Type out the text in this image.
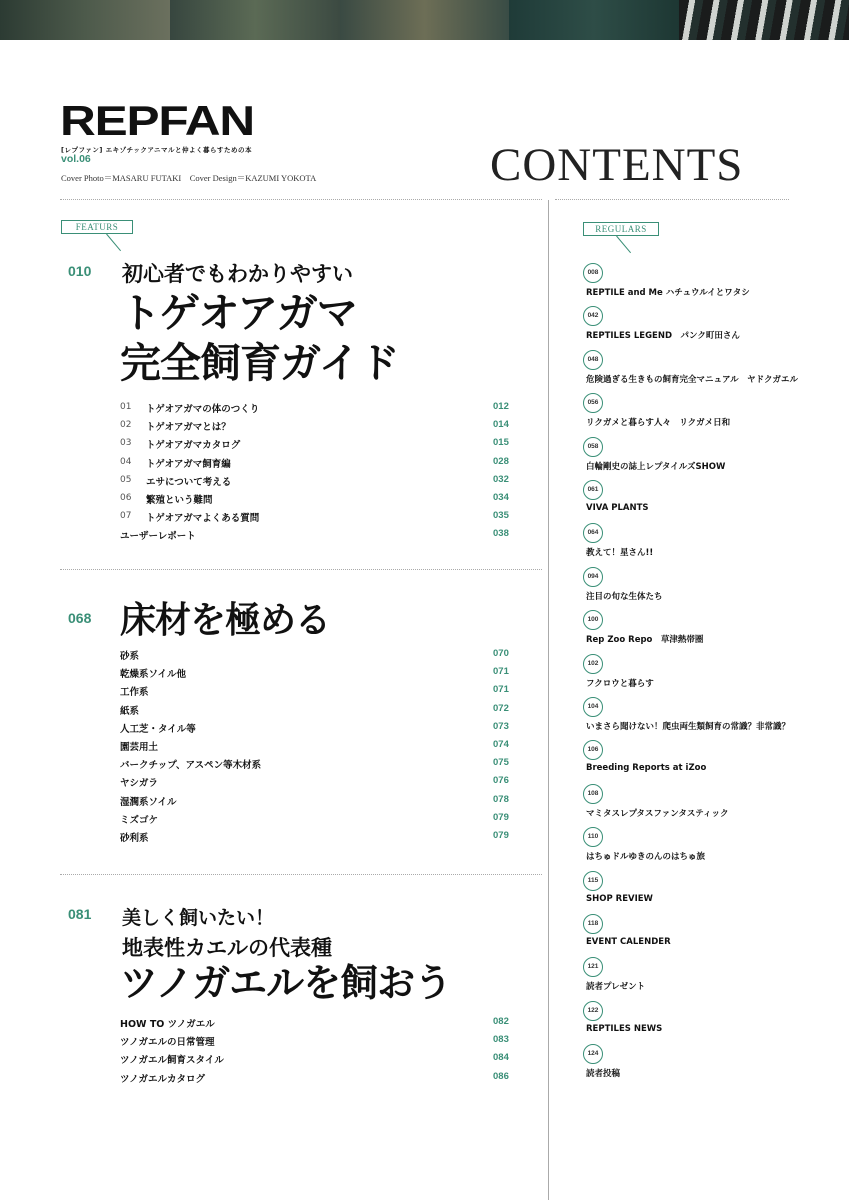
REPFAN
[レプファン] エキゾチックアニマルと仲よく暮らすための本
vol.06
Cover Photo＝MASARU FUTAKI　Cover Design＝KAZUMI YOKOTA	CONTENTS
FEATURS
010 初心者でもわかりやすい
トゲオアガマ
完全飼育ガイド
01 トゲオアガマの体のつくり	012
02 トゲオアガマとは？	014
03 トゲオアガマカタログ	015
04 トゲオアガマ飼育編	028
05 エサについて考える	032
06 繁殖という難問	034
07 トゲオアガマよくある質問	035
ユーザーレポート	038
068 床材を極める
砂系	070
乾燥系ソイル他	071
工作系	071
紙系	072
人工芝・タイル等	073
園芸用土	074
バークチップ、アスペン等木材系	075
ヤシガラ	076
湿潤系ソイル	078
ミズゴケ	079
砂利系	079
081 美しく飼いたい！
地表性カエルの代表種
ツノガエルを飼おう
HOW TO ツノガエル	082
ツノガエルの日常管理	083
ツノガエル飼育スタイル	084
ツノガエルカタログ	086
REGULARS
008
REPTILE and Me ハチュウルイとワタシ
042
REPTILES LEGEND　パンク町田さん
048
危険過ぎる生きもの飼育完全マニュアル　ヤドクガエル
056
リクガメと暮らす人々　リクガメ日和
058
白輪剛史の誌上レプタイルズSHOW
061
VIVA PLANTS
064
教えて！星さん!!
094
注目の旬な生体たち
100
Rep Zoo Repo　草津熱帯圏
102
フクロウと暮らす
104
いまさら聞けない！爬虫両生類飼育の常識？非常識？
106
Breeding Reports at iZoo
108
マミタスレプタスファンタスティック
110
はちゅドルゆきのんのはちゅ旅
115
SHOP REVIEW
118
EVENT CALENDER
121
読者プレゼント
122
REPTILES NEWS
124
読者投稿
